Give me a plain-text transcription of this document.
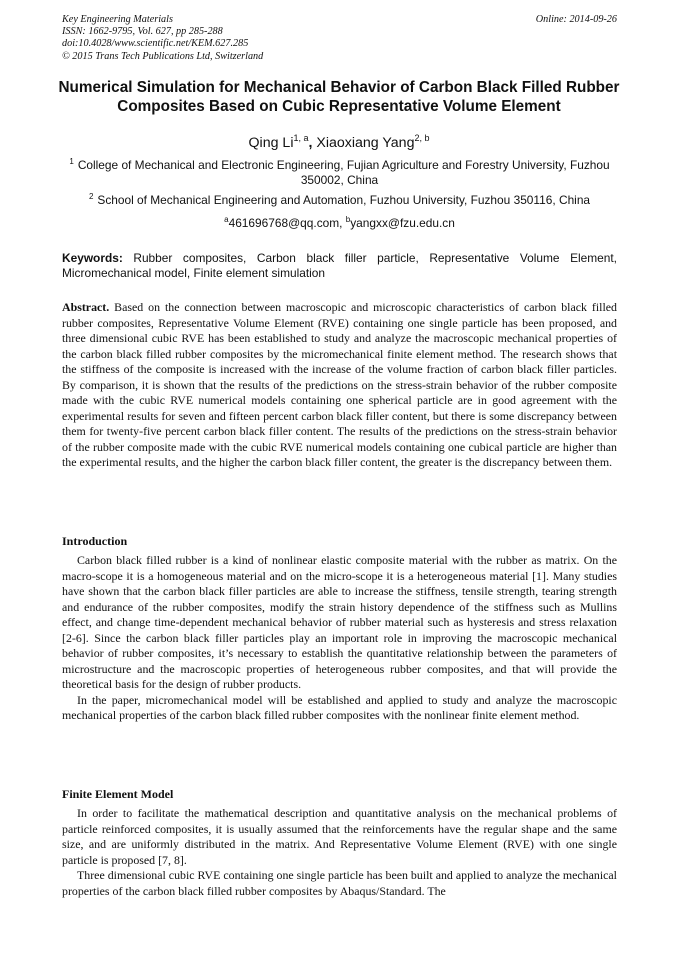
Key Engineering Materials
ISSN: 1662-9795, Vol. 627, pp 285-288
doi:10.4028/www.scientific.net/KEM.627.285
© 2015 Trans Tech Publications Ltd, Switzerland
Online: 2014-09-26
Numerical Simulation for Mechanical Behavior of Carbon Black Filled Rubber Composites Based on Cubic Representative Volume Element
Qing Li$^{1, a}$, Xiaoxiang Yang$^{2, b}$
$^1$ College of Mechanical and Electronic Engineering, Fujian Agriculture and Forestry University, Fuzhou 350002, China
$^2$ School of Mechanical Engineering and Automation, Fuzhou University, Fuzhou 350116, China
$^a$461696768@qq.com, $^b$yangxx@fzu.edu.cn
Keywords: Rubber composites, Carbon black filler particle, Representative Volume Element, Micromechanical model, Finite element simulation
Abstract. Based on the connection between macroscopic and microscopic characteristics of carbon black filled rubber composites, Representative Volume Element (RVE) containing one single particle has been proposed, and three dimensional cubic RVE has been established to study and analyze the macroscopic mechanical properties of the carbon black filled rubber composites by the micromechanical finite element method. The research shows that the stiffness of the composite is increased with the increase of the volume fraction of carbon black filler particles. By comparison, it is shown that the results of the predictions on the stress-strain behavior of the rubber composite made with the cubic RVE numerical models containing one spherical particle are in good agreement with the experimental results for seven and fifteen percent carbon black filler content, but there is some discrepancy between them for twenty-five percent carbon black filler content. The results of the predictions on the stress-strain behavior of the rubber composite made with the cubic RVE numerical models containing one cubical particle are higher than the experimental results, and the higher the carbon black filler content, the greater is the discrepancy between them.
Introduction

Carbon black filled rubber is a kind of nonlinear elastic composite material with the rubber as matrix. On the macro-scope it is a homogeneous material and on the micro-scope it is a heterogeneous material [1]. Many studies have shown that the carbon black filler particles are able to increase the stiffness, tensile strength, tearing strength and endurance of the rubber composites, modify the strain history dependence of the stiffness such as Mullins effect, and change time-dependent mechanical behavior of rubber material such as hysteresis and stress relaxation [2-6]. Since the carbon black filler particles play an important role in improving the macroscopic mechanical behavior of rubber composites, it’s necessary to establish the quantitative relationship between the parameters of microstructure and the macroscopic properties of heterogeneous rubber composites, and that will provide the theoretical basis for the design of rubber products.

In the paper, micromechanical model will be established and applied to study and analyze the macroscopic mechanical properties of the carbon black filled rubber composites with the nonlinear finite element method.

Finite Element Model

In order to facilitate the mathematical description and quantitative analysis on the mechanical problems of particle reinforced composites, it is usually assumed that the reinforcements have the regular shape and the same size, and are uniformly distributed in the matrix. And Representative Volume Element (RVE) with one single particle is proposed [7, 8].

Three dimensional cubic RVE containing one single particle has been built and applied to analyze the mechanical properties of the carbon black filled rubber composites by Abaqus/Standard. The
